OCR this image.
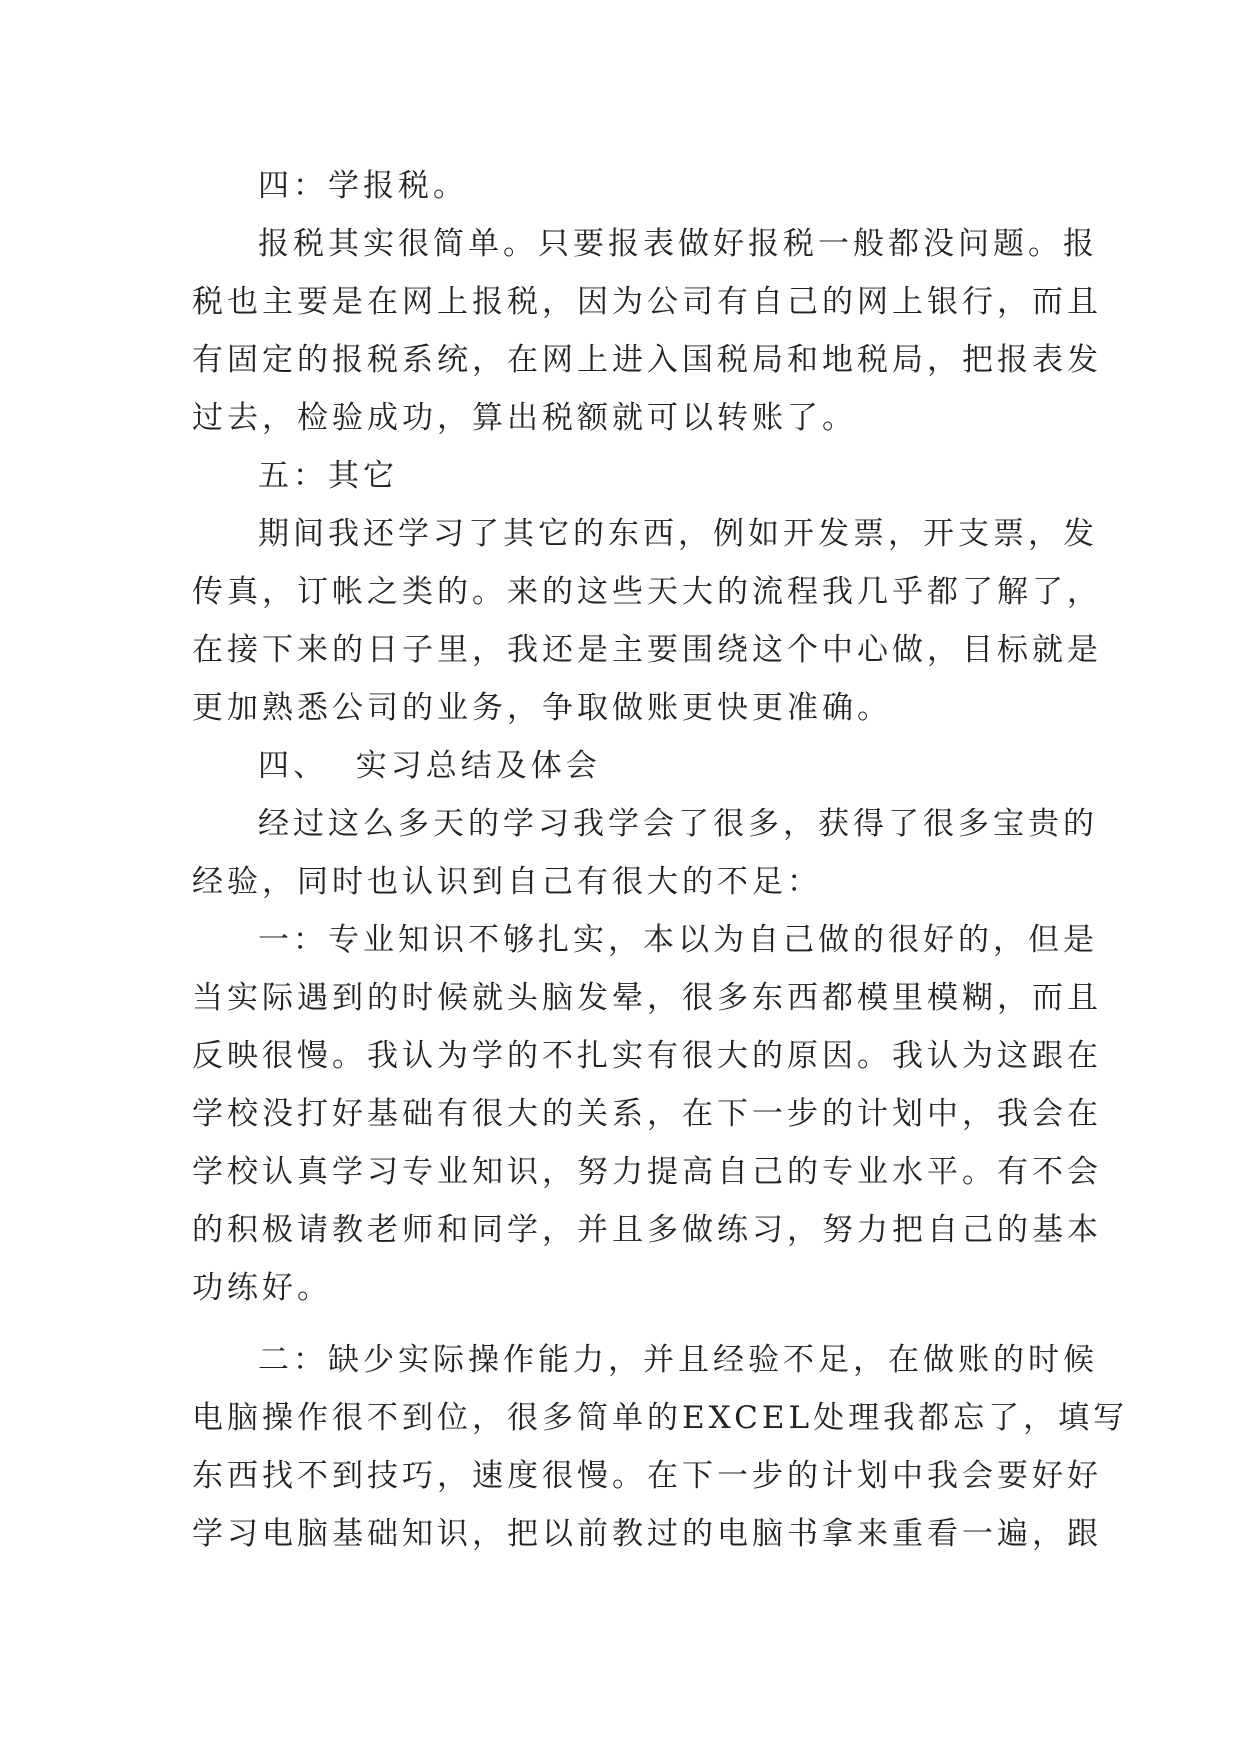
四：学报税。
报税其实很简单。只要报表做好报税一般都没问题。报
税也主要是在网上报税，因为公司有自己的网上银行，而且
有固定的报税系统，在网上进入国税局和地税局，把报表发
过去，检验成功，算出税额就可以转账了。
五：其它
期间我还学习了其它的东西，例如开发票，开支票，发
传真，订帐之类的。来的这些天大的流程我几乎都了解了，
在接下来的日子里，我还是主要围绕这个中心做，目标就是
更加熟悉公司的业务，争取做账更快更准确。
四、  实习总结及体会
经过这么多天的学习我学会了很多，获得了很多宝贵的
经验，同时也认识到自己有很大的不足：
一：专业知识不够扎实，本以为自己做的很好的，但是
当实际遇到的时候就头脑发晕，很多东西都模里模糊，而且
反映很慢。我认为学的不扎实有很大的原因。我认为这跟在
学校没打好基础有很大的关系，在下一步的计划中，我会在
学校认真学习专业知识，努力提高自己的专业水平。有不会
的积极请教老师和同学，并且多做练习，努力把自己的基本
功练好。
二：缺少实际操作能力，并且经验不足，在做账的时候
电脑操作很不到位，很多简单的EXCEL处理我都忘了，填写
东西找不到技巧，速度很慢。在下一步的计划中我会要好好
学习电脑基础知识，把以前教过的电脑书拿来重看一遍，跟
